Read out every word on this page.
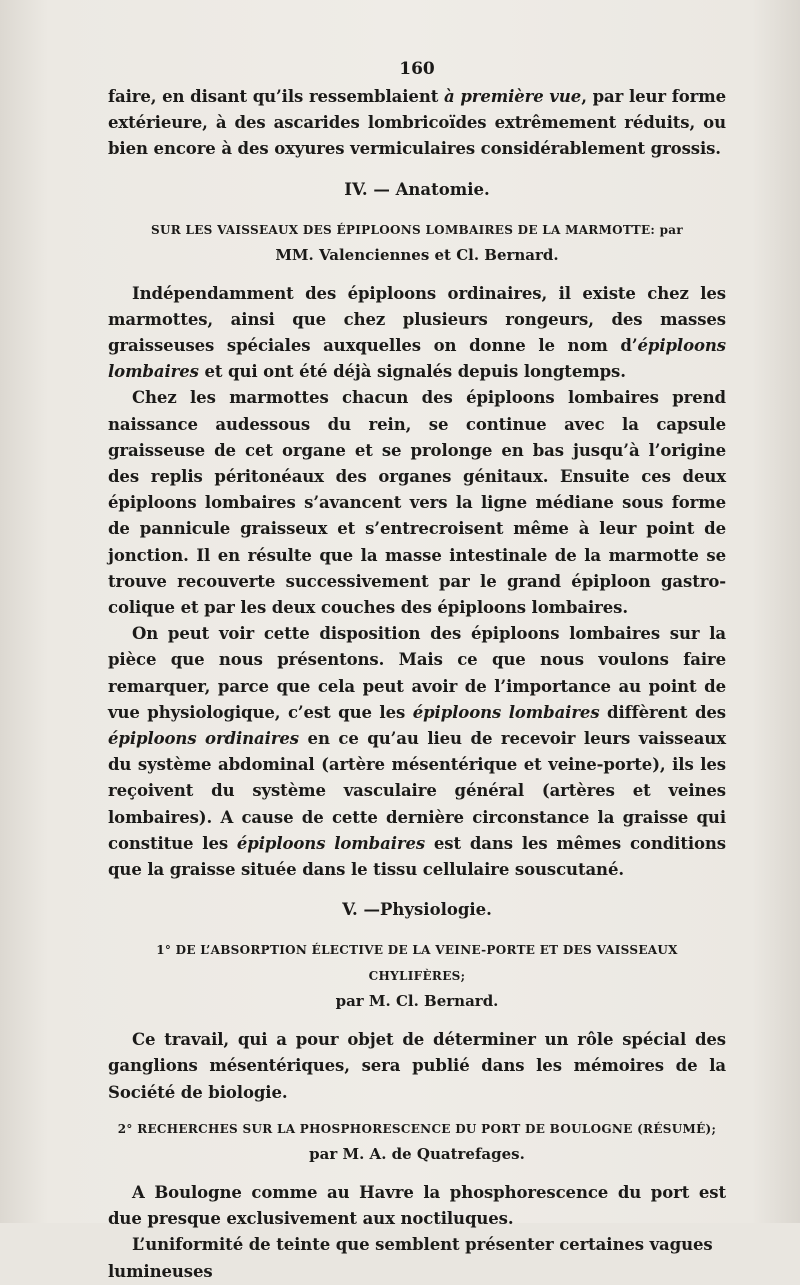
160

faire, en disant qu’ils ressemblaient à première vue, par leur forme extérieure, à des ascarides lombricoïdes extrêmement réduits, ou bien encore à des oxyures vermiculaires considérablement grossis.

IV. — Anatomie.
SUR LES VAISSEAUX DES ÉPIPLOONS LOMBAIRES DE LA MARMOTTE: par
MM. Valenciennes et Cl. Bernard.

Indépendamment des épiploons ordinaires, il existe chez les marmottes, ainsi que chez plusieurs rongeurs, des masses graisseuses spéciales auxquelles on donne le nom d’épiploons lombaires et qui ont été déjà signalés depuis longtemps.

Chez les marmottes chacun des épiploons lombaires prend naissance audessous du rein, se continue avec la capsule graisseuse de cet organe et se prolonge en bas jusqu’à l’origine des replis péritonéaux des organes génitaux. Ensuite ces deux épiploons lombaires s’avancent vers la ligne médiane sous forme de pannicule graisseux et s’entrecroisent même à leur point de jonction. Il en résulte que la masse intestinale de la marmotte se trouve recouverte successivement par le grand épiploon gastro-colique et par les deux couches des épiploons lombaires.

On peut voir cette disposition des épiploons lombaires sur la pièce que nous présentons. Mais ce que nous voulons faire remarquer, parce que cela peut avoir de l’importance au point de vue physiologique, c’est que les épiploons lombaires diffèrent des épiploons ordinaires en ce qu’au lieu de recevoir leurs vaisseaux du système abdominal (artère mésentérique et veine-porte), ils les reçoivent du système vasculaire général (artères et veines lombaires). A cause de cette dernière circonstance la graisse qui constitue les épiploons lombaires est dans les mêmes conditions que la graisse située dans le tissu cellulaire souscutané.

V. —Physiologie.
1° DE L’ABSORPTION ÉLECTIVE DE LA VEINE-PORTE ET DES VAISSEAUX CHYLIFÈRES;
par M. Cl. Bernard.

Ce travail, qui a pour objet de déterminer un rôle spécial des ganglions mésentériques, sera publié dans les mémoires de la Société de biologie.

2° RECHERCHES SUR LA PHOSPHORESCENCE DU PORT DE BOULOGNE (RÉSUMÉ);
par M. A. de Quatrefages.

A Boulogne comme au Havre la phosphorescence du port est due presque exclusivement aux noctiluques.

L’uniformité de teinte que semblent présenter certaines vagues lumineuses
